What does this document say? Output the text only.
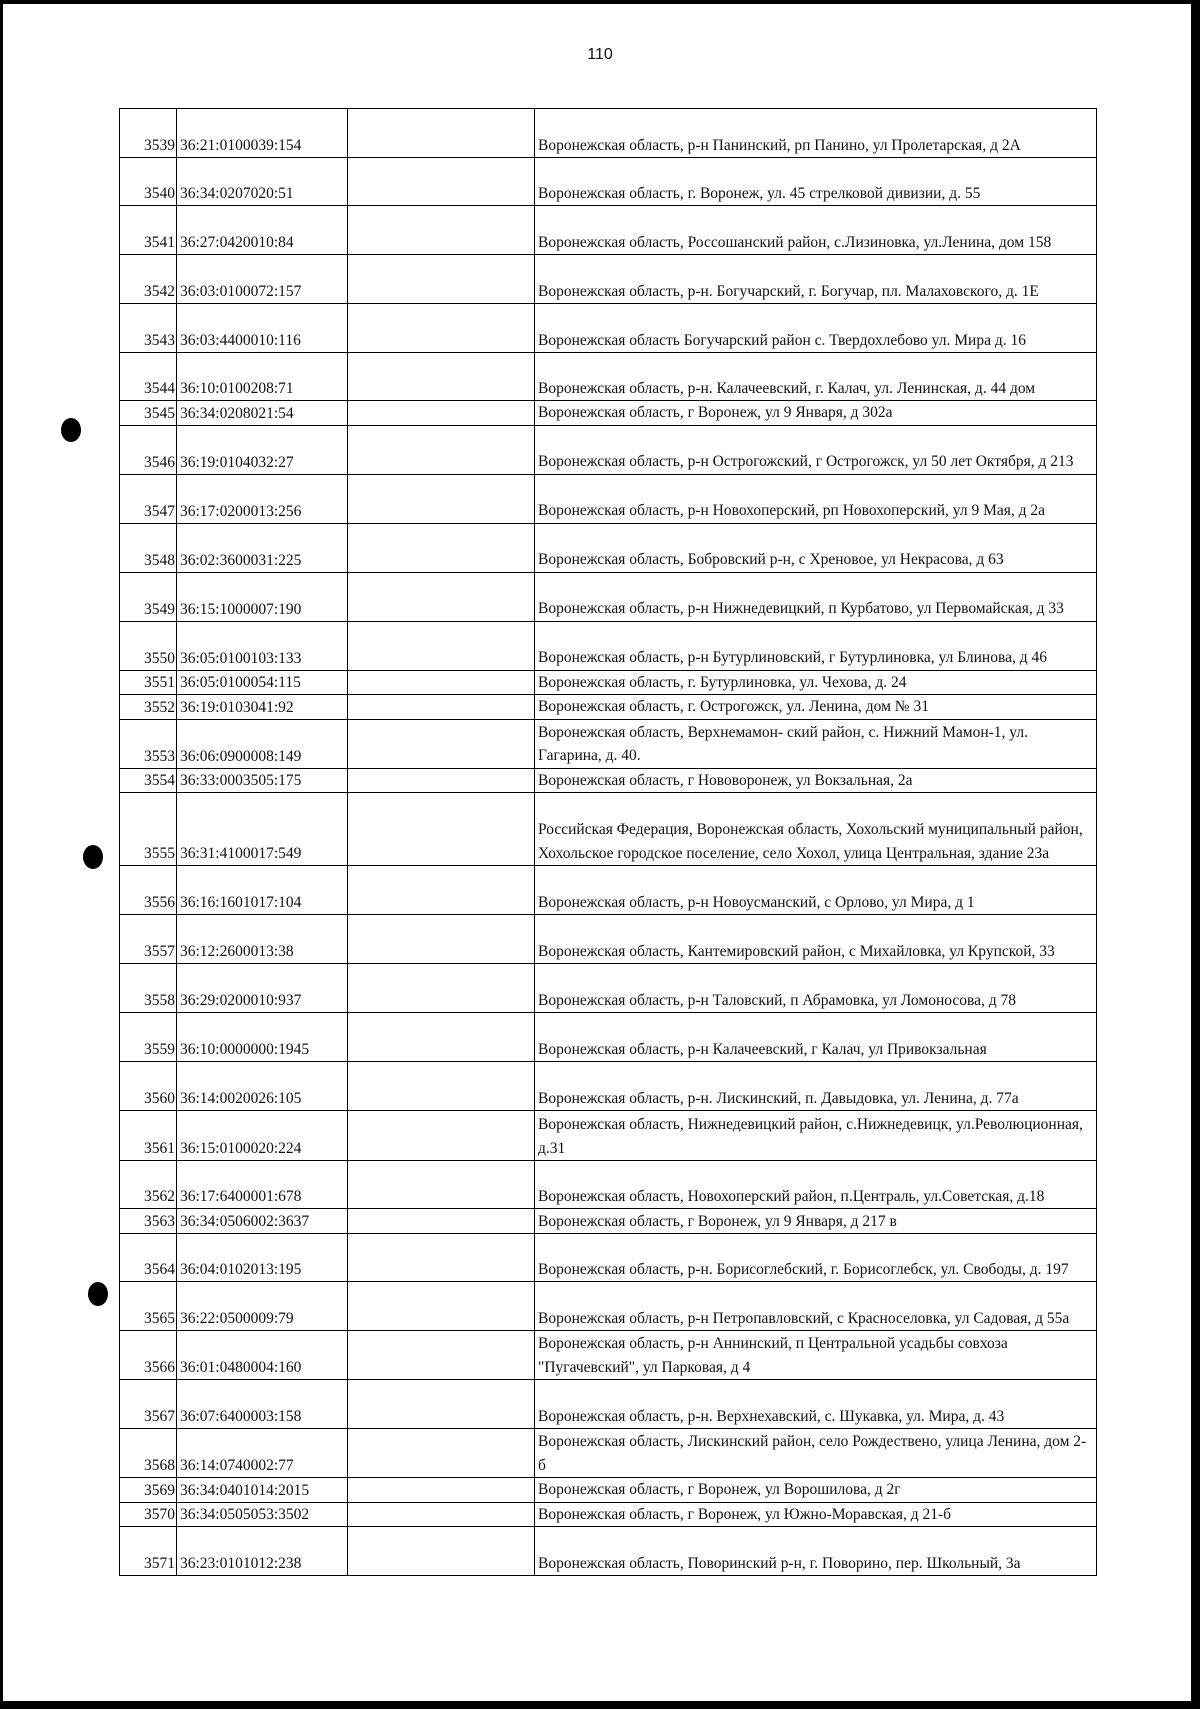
110
3539	36:21:0100039:154		Воронежская область, р-н Панинский, рп Панино, ул Пролетарская, д 2А
3540	36:34:0207020:51		Воронежская область, г. Воронеж, ул. 45 стрелковой дивизии, д. 55
3541	36:27:0420010:84		Воронежская область, Россошанский район, с.Лизиновка, ул.Ленина, дом 158
3542	36:03:0100072:157		Воронежская область, р-н. Богучарский, г. Богучар, пл. Малаховского, д. 1Е
3543	36:03:4400010:116		Воронежская область Богучарский район с. Твердохлебово ул. Мира д. 16
3544	36:10:0100208:71		Воронежская область, р-н. Калачеевский, г. Калач, ул. Ленинская, д. 44 дом
3545	36:34:0208021:54		Воронежская область, г Воронеж, ул 9 Января, д 302а
3546	36:19:0104032:27		Воронежская область, р-н Острогожский, г Острогожск, ул 50 лет Октября, д 213
3547	36:17:0200013:256		Воронежская область, р-н Новохоперский, рп Новохоперский, ул 9 Мая, д 2а
3548	36:02:3600031:225		Воронежская область, Бобровский р-н, с Хреновое, ул Некрасова, д 63
3549	36:15:1000007:190		Воронежская область, р-н Нижнедевицкий, п Курбатово, ул Первомайская, д 33
3550	36:05:0100103:133		Воронежская область, р-н Бутурлиновский, г Бутурлиновка, ул Блинова, д 46
3551	36:05:0100054:115		Воронежская область, г. Бутурлиновка, ул. Чехова, д. 24
3552	36:19:0103041:92		Воронежская область, г. Острогожск, ул. Ленина, дом № 31
3553	36:06:0900008:149		Воронежская область, Верхнемамон- ский район, с. Нижний Мамон-1, ул. Гагарина, д. 40.
3554	36:33:0003505:175		Воронежская область, г Нововоронеж, ул Вокзальная, 2а
3555	36:31:4100017:549		Российская Федерация, Воронежская область, Хохольский муниципальный район, Хохольское городское поселение, село Хохол, улица Центральная, здание 23а
3556	36:16:1601017:104		Воронежская область, р-н Новоусманский, с Орлово, ул Мира, д 1
3557	36:12:2600013:38		Воронежская область, Кантемировский район, с Михайловка, ул Крупской, 33
3558	36:29:0200010:937		Воронежская область, р-н Таловский, п Абрамовка, ул Ломоносова, д 78
3559	36:10:0000000:1945		Воронежская область, р-н Калачеевский, г Калач, ул Привокзальная
3560	36:14:0020026:105		Воронежская область, р-н. Лискинский, п. Давыдовка, ул. Ленина, д. 77а
3561	36:15:0100020:224		Воронежская область, Нижнедевицкий район, с.Нижнедевицк, ул.Революционная, д.31
3562	36:17:6400001:678		Воронежская область, Новохоперский район, п.Централь, ул.Советская, д.18
3563	36:34:0506002:3637		Воронежская область, г Воронеж, ул 9 Января, д 217 в
3564	36:04:0102013:195		Воронежская область, р-н. Борисоглебский, г. Борисоглебск, ул. Свободы, д. 197
3565	36:22:0500009:79		Воронежская область, р-н Петропавловский, с Красноселовка, ул Садовая, д 55а
3566	36:01:0480004:160		Воронежская область, р-н Аннинский, п Центральной усадьбы совхоза "Пугачевский", ул Парковая, д 4
3567	36:07:6400003:158		Воронежская область, р-н. Верхнехавский, с. Шукавка, ул. Мира, д. 43
3568	36:14:0740002:77		Воронежская область, Лискинский район, село Рождествено, улица Ленина, дом 2-б
3569	36:34:0401014:2015		Воронежская область, г Воронеж, ул Ворошилова, д 2г
3570	36:34:0505053:3502		Воронежская область, г Воронеж, ул Южно-Моравская, д 21-б
3571	36:23:0101012:238		Воронежская область, Поворинский р-н, г. Поворино, пер. Школьный, 3а
